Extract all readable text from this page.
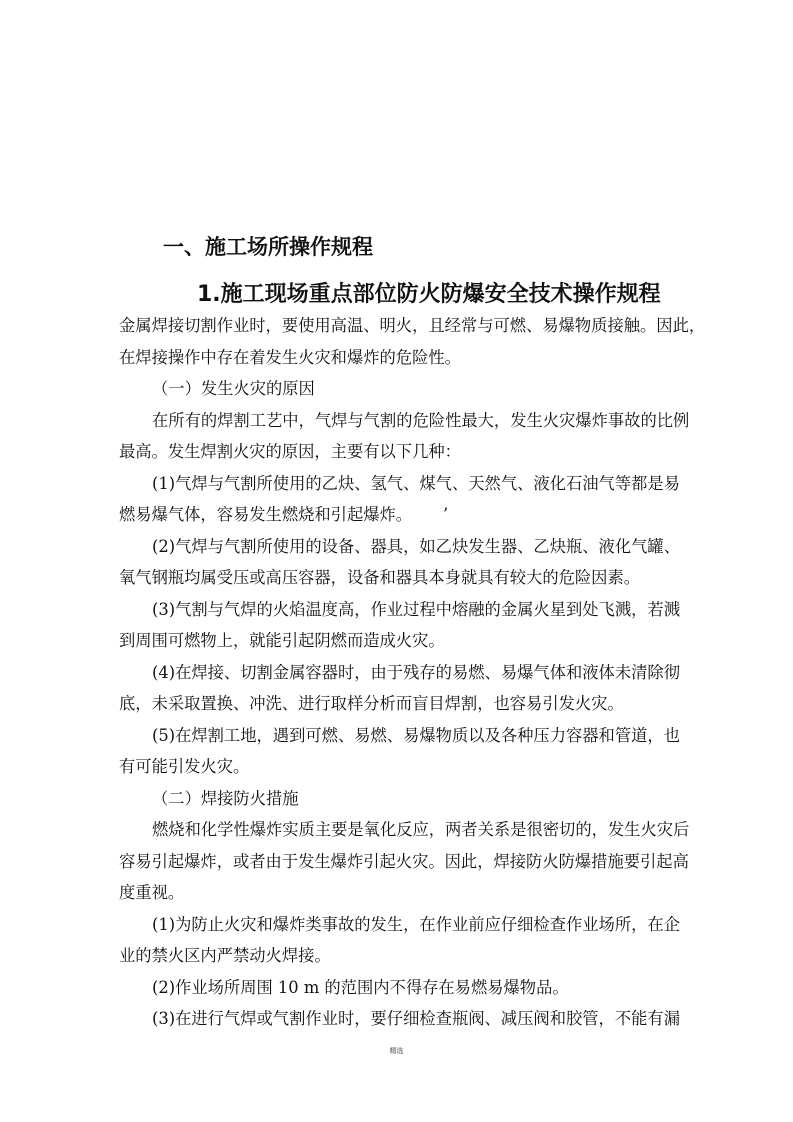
一、施工场所操作规程
1.施工现场重点部位防火防爆安全技术操作规程
金属焊接切割作业时，要使用高温、明火，且经常与可燃、易爆物质接触。因此，
在焊接操作中存在着发生火灾和爆炸的危险性。
（一）发生火灾的原因
在所有的焊割工艺中，气焊与气割的危险性最大，发生火灾爆炸事故的比例
最高。发生焊割火灾的原因，主要有以下几种：
(1)气焊与气割所使用的乙炔、氢气、煤气、天然气、液化石油气等都是易
燃易爆气体，容易发生燃烧和引起爆炸。 ’
(2)气焊与气割所使用的设备、器具，如乙炔发生器、乙炔瓶、液化气罐、
氧气钢瓶均属受压或高压容器，设备和器具本身就具有较大的危险因素。
(3)气割与气焊的火焰温度高，作业过程中熔融的金属火星到处飞溅，若溅
到周围可燃物上，就能引起阴燃而造成火灾。
(4)在焊接、切割金属容器时，由于残存的易燃、易爆气体和液体未清除彻
底，未采取置换、冲洗、进行取样分析而盲目焊割，也容易引发火灾。
(5)在焊割工地，遇到可燃、易燃、易爆物质以及各种压力容器和管道，也
有可能引发火灾。
（二）焊接防火措施
燃烧和化学性爆炸实质主要是氧化反应，两者关系是很密切的，发生火灾后
容易引起爆炸，或者由于发生爆炸引起火灾。因此，焊接防火防爆措施要引起高
度重视。
(1)为防止火灾和爆炸类事故的发生，在作业前应仔细检查作业场所，在企
业的禁火区内严禁动火焊接。
(2)作业场所周围 10 m 的范围内不得存在易燃易爆物品。
(3)在进行气焊或气割作业时，要仔细检查瓶阀、减压阀和胶管，不能有漏
精选
